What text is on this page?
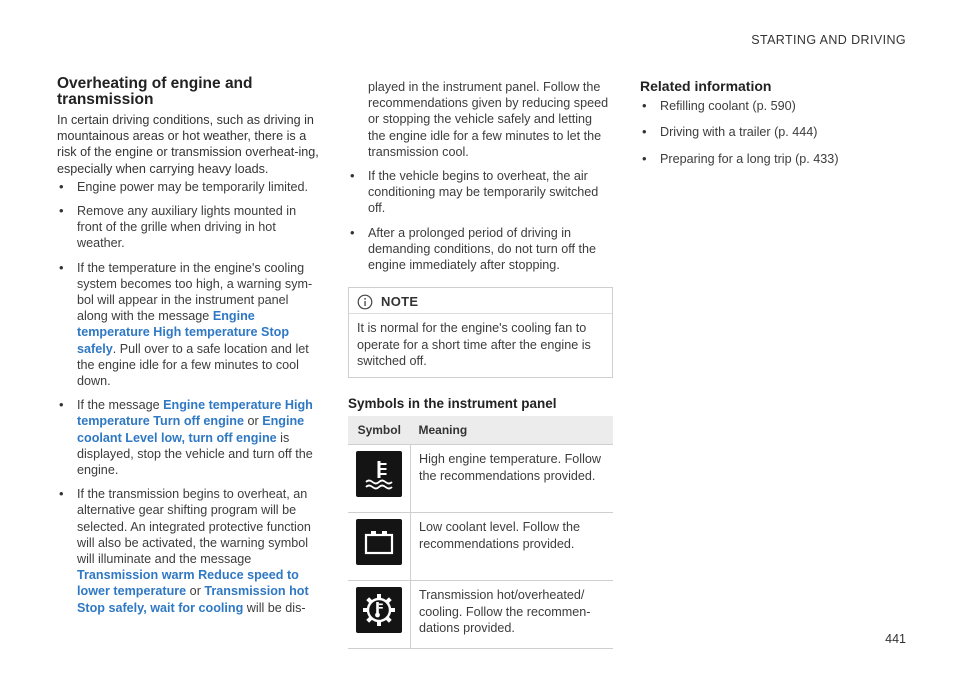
STARTING AND DRIVING
Overheating of engine and transmission

In certain driving conditions, such as driving in mountainous areas or hot weather, there is a risk of the engine or transmission overheat-ing, especially when carrying heavy loads.

• Engine power may be temporarily limited.
• Remove any auxiliary lights mounted in front of the grille when driving in hot weather.
• If the temperature in the engine's cooling system becomes too high, a warning sym-bol will appear in the instrument panel along with the message Engine temperature High temperature Stop safely. Pull over to a safe location and let the engine idle for a few minutes to cool down.
• If the message Engine temperature High temperature Turn off engine or Engine coolant Level low, turn off engine is displayed, stop the vehicle and turn off the engine.
• If the transmission begins to overheat, an alternative gear shifting program will be selected. An integrated protective function will also be activated, the warning symbol will illuminate and the message Transmission warm Reduce speed to lower temperature or Transmission hot Stop safely, wait for cooling will be dis-

played in the instrument panel. Follow the recommendations given by reducing speed or stopping the vehicle safely and letting the engine idle for a few minutes to let the transmission cool.

• If the vehicle begins to overheat, the air conditioning may be temporarily switched off.
• After a prolonged period of driving in demanding conditions, do not turn off the engine immediately after stopping.
NOTE
It is normal for the engine's cooling fan to operate for a short time after the engine is switched off.
Symbols in the instrument panel
Symbol	Meaning

	High engine temperature. Follow the recommendations provided.

	Low coolant level. Follow the recommendations provided.

	Transmission hot/overheated/ cooling. Follow the recommen-dations provided.
Related information
• Refilling coolant (p. 590)
• Driving with a trailer (p. 444)
• Preparing for a long trip (p. 433)
441
